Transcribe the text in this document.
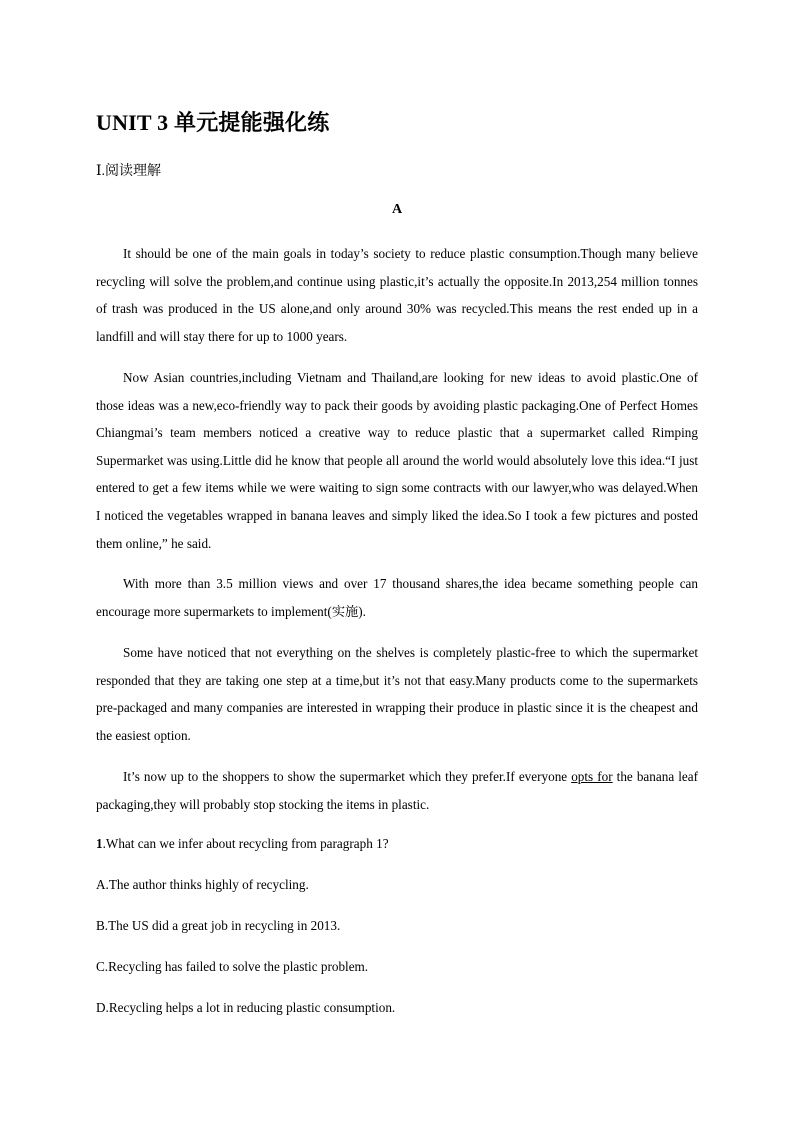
UNIT 3 单元提能强化练
Ⅰ.阅读理解
A

It should be one of the main goals in today’s society to reduce plastic consumption.Though many believe recycling will solve the problem,and continue using plastic,it’s actually the opposite.In 2013,254 million tonnes of trash was produced in the US alone,and only around 30% was recycled.This means the rest ended up in a landfill and will stay there for up to 1000 years.

Now Asian countries,including Vietnam and Thailand,are looking for new ideas to avoid plastic.One of those ideas was a new,eco-friendly way to pack their goods by avoiding plastic packaging.One of Perfect Homes Chiangmai’s team members noticed a creative way to reduce plastic that a supermarket called Rimping Supermarket was using.Little did he know that people all around the world would absolutely love this idea.“I just entered to get a few items while we were waiting to sign some contracts with our lawyer,who was delayed.When I noticed the vegetables wrapped in banana leaves and simply liked the idea.So I took a few pictures and posted them online,” he said.

With more than 3.5 million views and over 17 thousand shares,the idea became something people can encourage more supermarkets to implement(实施).

Some have noticed that not everything on the shelves is completely plastic-free to which the supermarket responded that they are taking one step at a time,but it’s not that easy.Many products come to the supermarkets pre-packaged and many companies are interested in wrapping their produce in plastic since it is the cheapest and the easiest option.

It’s now up to the shoppers to show the supermarket which they prefer.If everyone opts for the banana leaf packaging,they will probably stop stocking the items in plastic.

1.What can we infer about recycling from paragraph 1?
A.The author thinks highly of recycling.
B.The US did a great job in recycling in 2013.
C.Recycling has failed to solve the plastic problem.
D.Recycling helps a lot in reducing plastic consumption.
